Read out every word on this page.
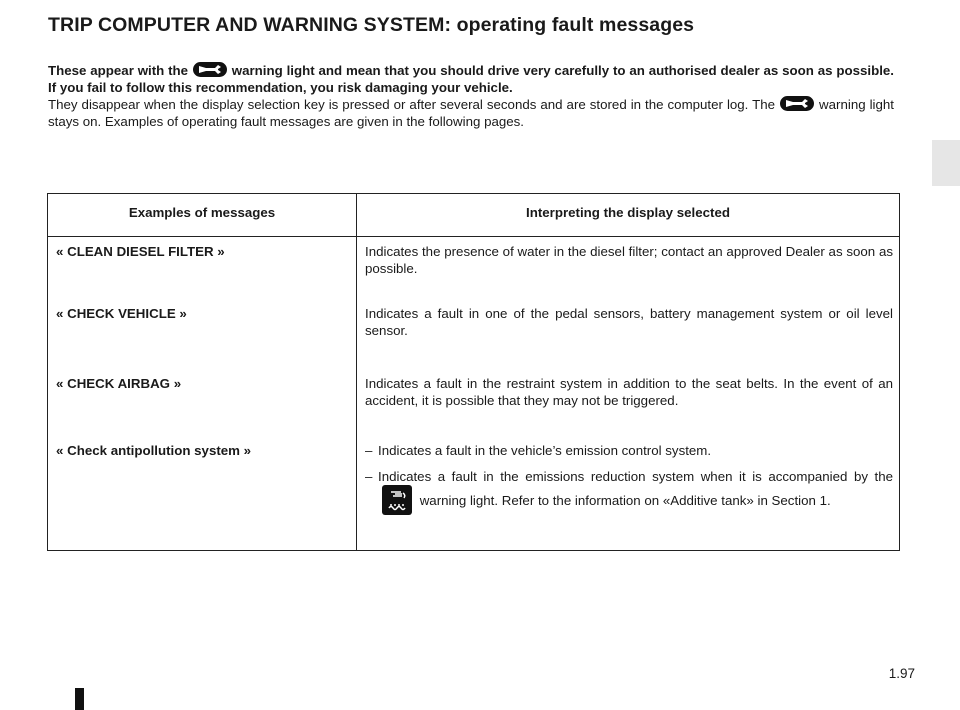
TRIP COMPUTER AND WARNING SYSTEM: operating fault messages

These appear with the	warning light and mean that you should drive very carefully to an authorised dealer as soon as possible. If you fail to follow this recommendation, you risk damaging your vehicle.

They disappear when the display selection key is pressed or after several seconds and are stored in the computer log. The	warning light stays on. Examples of operating fault messages are given in the following pages.

Examples of messages	Interpreting the display selected
« CLEAN DIESEL FILTER »	Indicates the presence of water in the diesel filter; contact an approved Dealer as soon as possible.
« CHECK VEHICLE »	Indicates a fault in one of the pedal sensors, battery management system or oil level sensor.
« CHECK AIRBAG »	Indicates a fault in the restraint system in addition to the seat belts. In the event of an accident, it is possible that they may not be triggered.
« Check antipollution system »	– Indicates a fault in the vehicle’s emission control system.
– Indicates a fault in the emissions reduction system when it is accompanied by the  warning light. Refer to the information on «Additive tank» in Section 1.
1.97
